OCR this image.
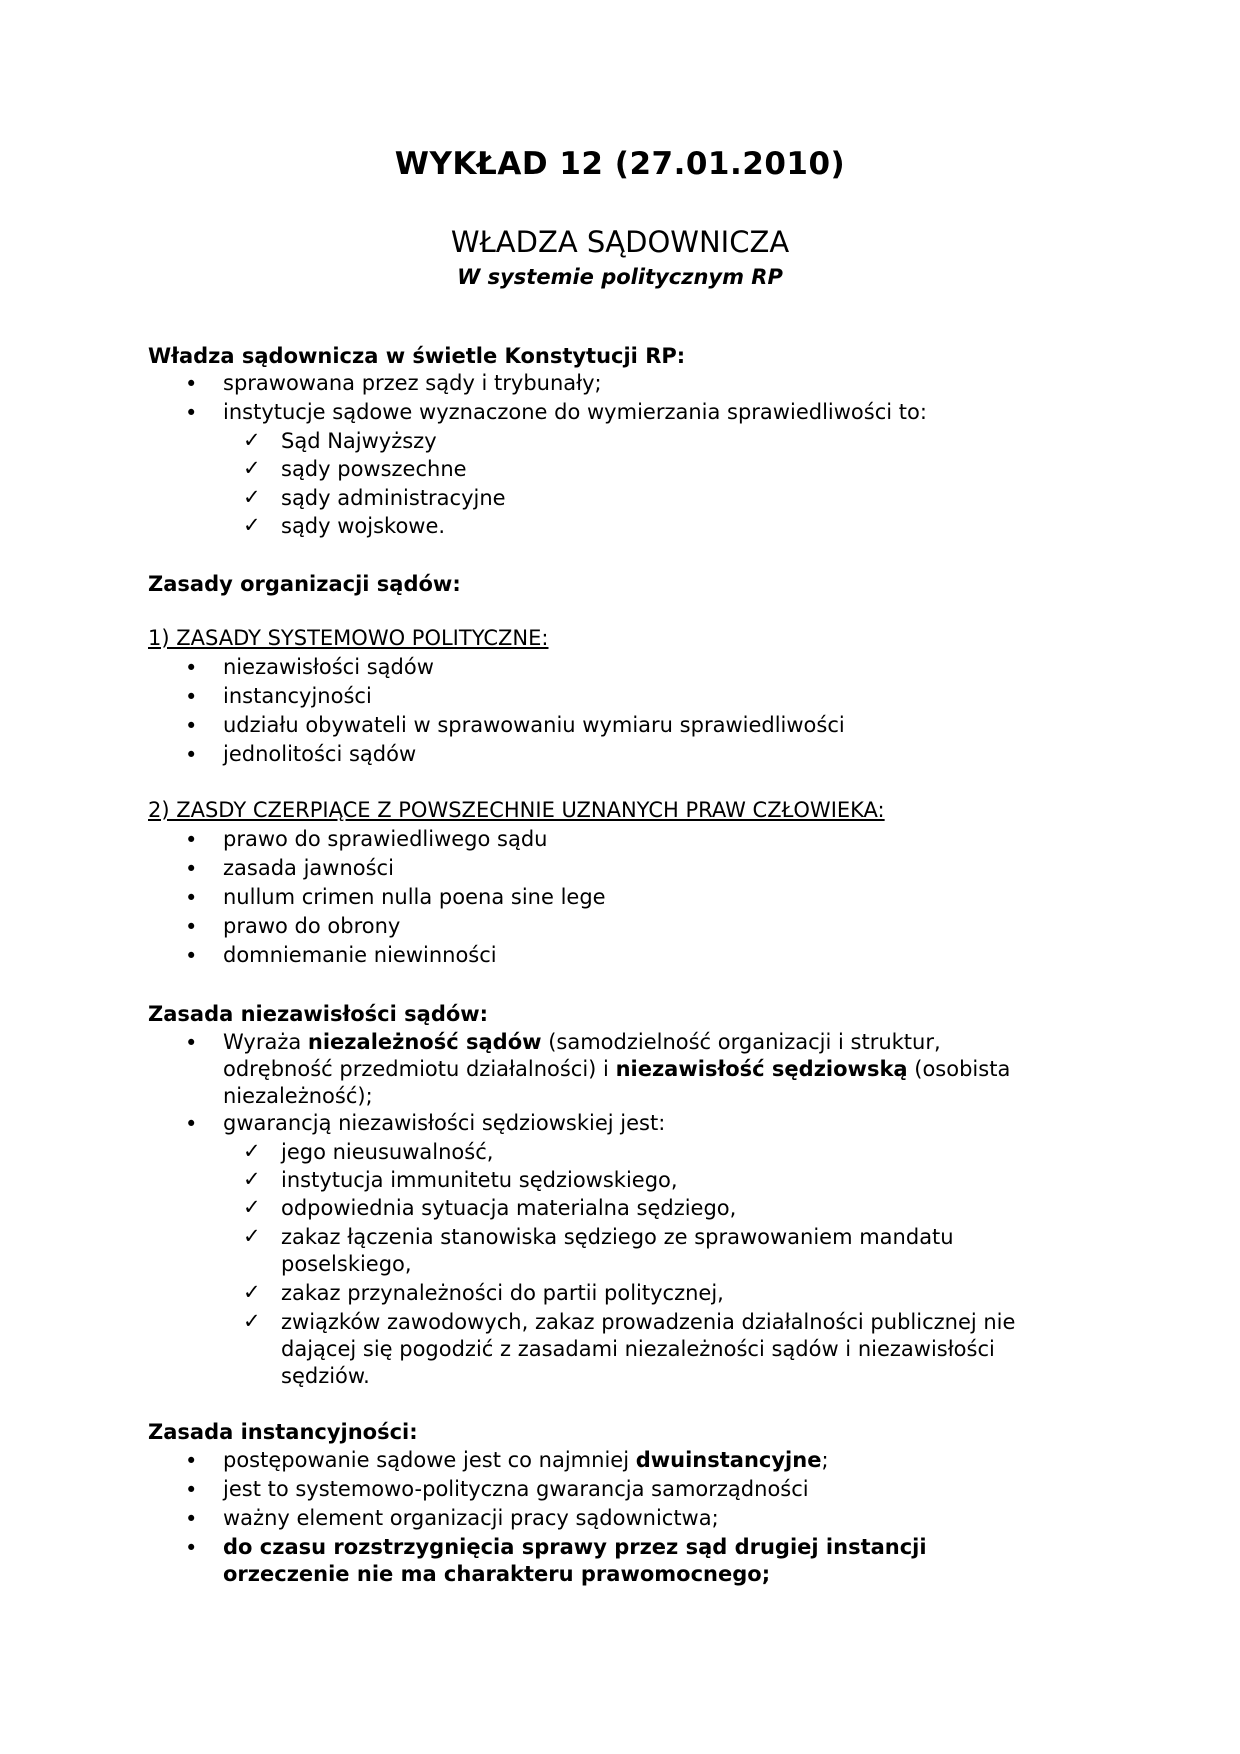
WYKŁAD 12 (27.01.2010)
WŁADZA SĄDOWNICZA
W systemie politycznym RP
Władza sądownicza w świetle Konstytucji RP:
• sprawowana przez sądy i trybunały;
• instytucje sądowe wyznaczone do wymierzania sprawiedliwości to:
✓ Sąd Najwyższy
✓ sądy powszechne
✓ sądy administracyjne
✓ sądy wojskowe.
Zasady organizacji sądów:
1) ZASADY SYSTEMOWO POLITYCZNE:
• niezawisłości sądów
• instancyjności
• udziału obywateli w sprawowaniu wymiaru sprawiedliwości
• jednolitości sądów
2) ZASDY CZERPIĄCE Z POWSZECHNIE UZNANYCH PRAW CZŁOWIEKA:
• prawo do sprawiedliwego sądu
• zasada jawności
• nullum crimen nulla poena sine lege
• prawo do obrony
• domniemanie niewinności
Zasada niezawisłości sądów:
• Wyraża niezależność sądów (samodzielność organizacji i struktur,
odrębność przedmiotu działalności) i niezawisłość sędziowską (osobista
niezależność);
• gwarancją niezawisłości sędziowskiej jest:
✓ jego nieusuwalność,
✓ instytucja immunitetu sędziowskiego,
✓ odpowiednia sytuacja materialna sędziego,
✓ zakaz łączenia stanowiska sędziego ze sprawowaniem mandatu
poselskiego,
✓ zakaz przynależności do partii politycznej,
✓ związków zawodowych, zakaz prowadzenia działalności publicznej nie
dającej się pogodzić z zasadami niezależności sądów i niezawisłości
sędziów.
Zasada instancyjności:
• postępowanie sądowe jest co najmniej dwuinstancyjne;
• jest to systemowo-polityczna gwarancja samorządności
• ważny element organizacji pracy sądownictwa;
• do czasu rozstrzygnięcia sprawy przez sąd drugiej instancji
orzeczenie nie ma charakteru prawomocnego;
